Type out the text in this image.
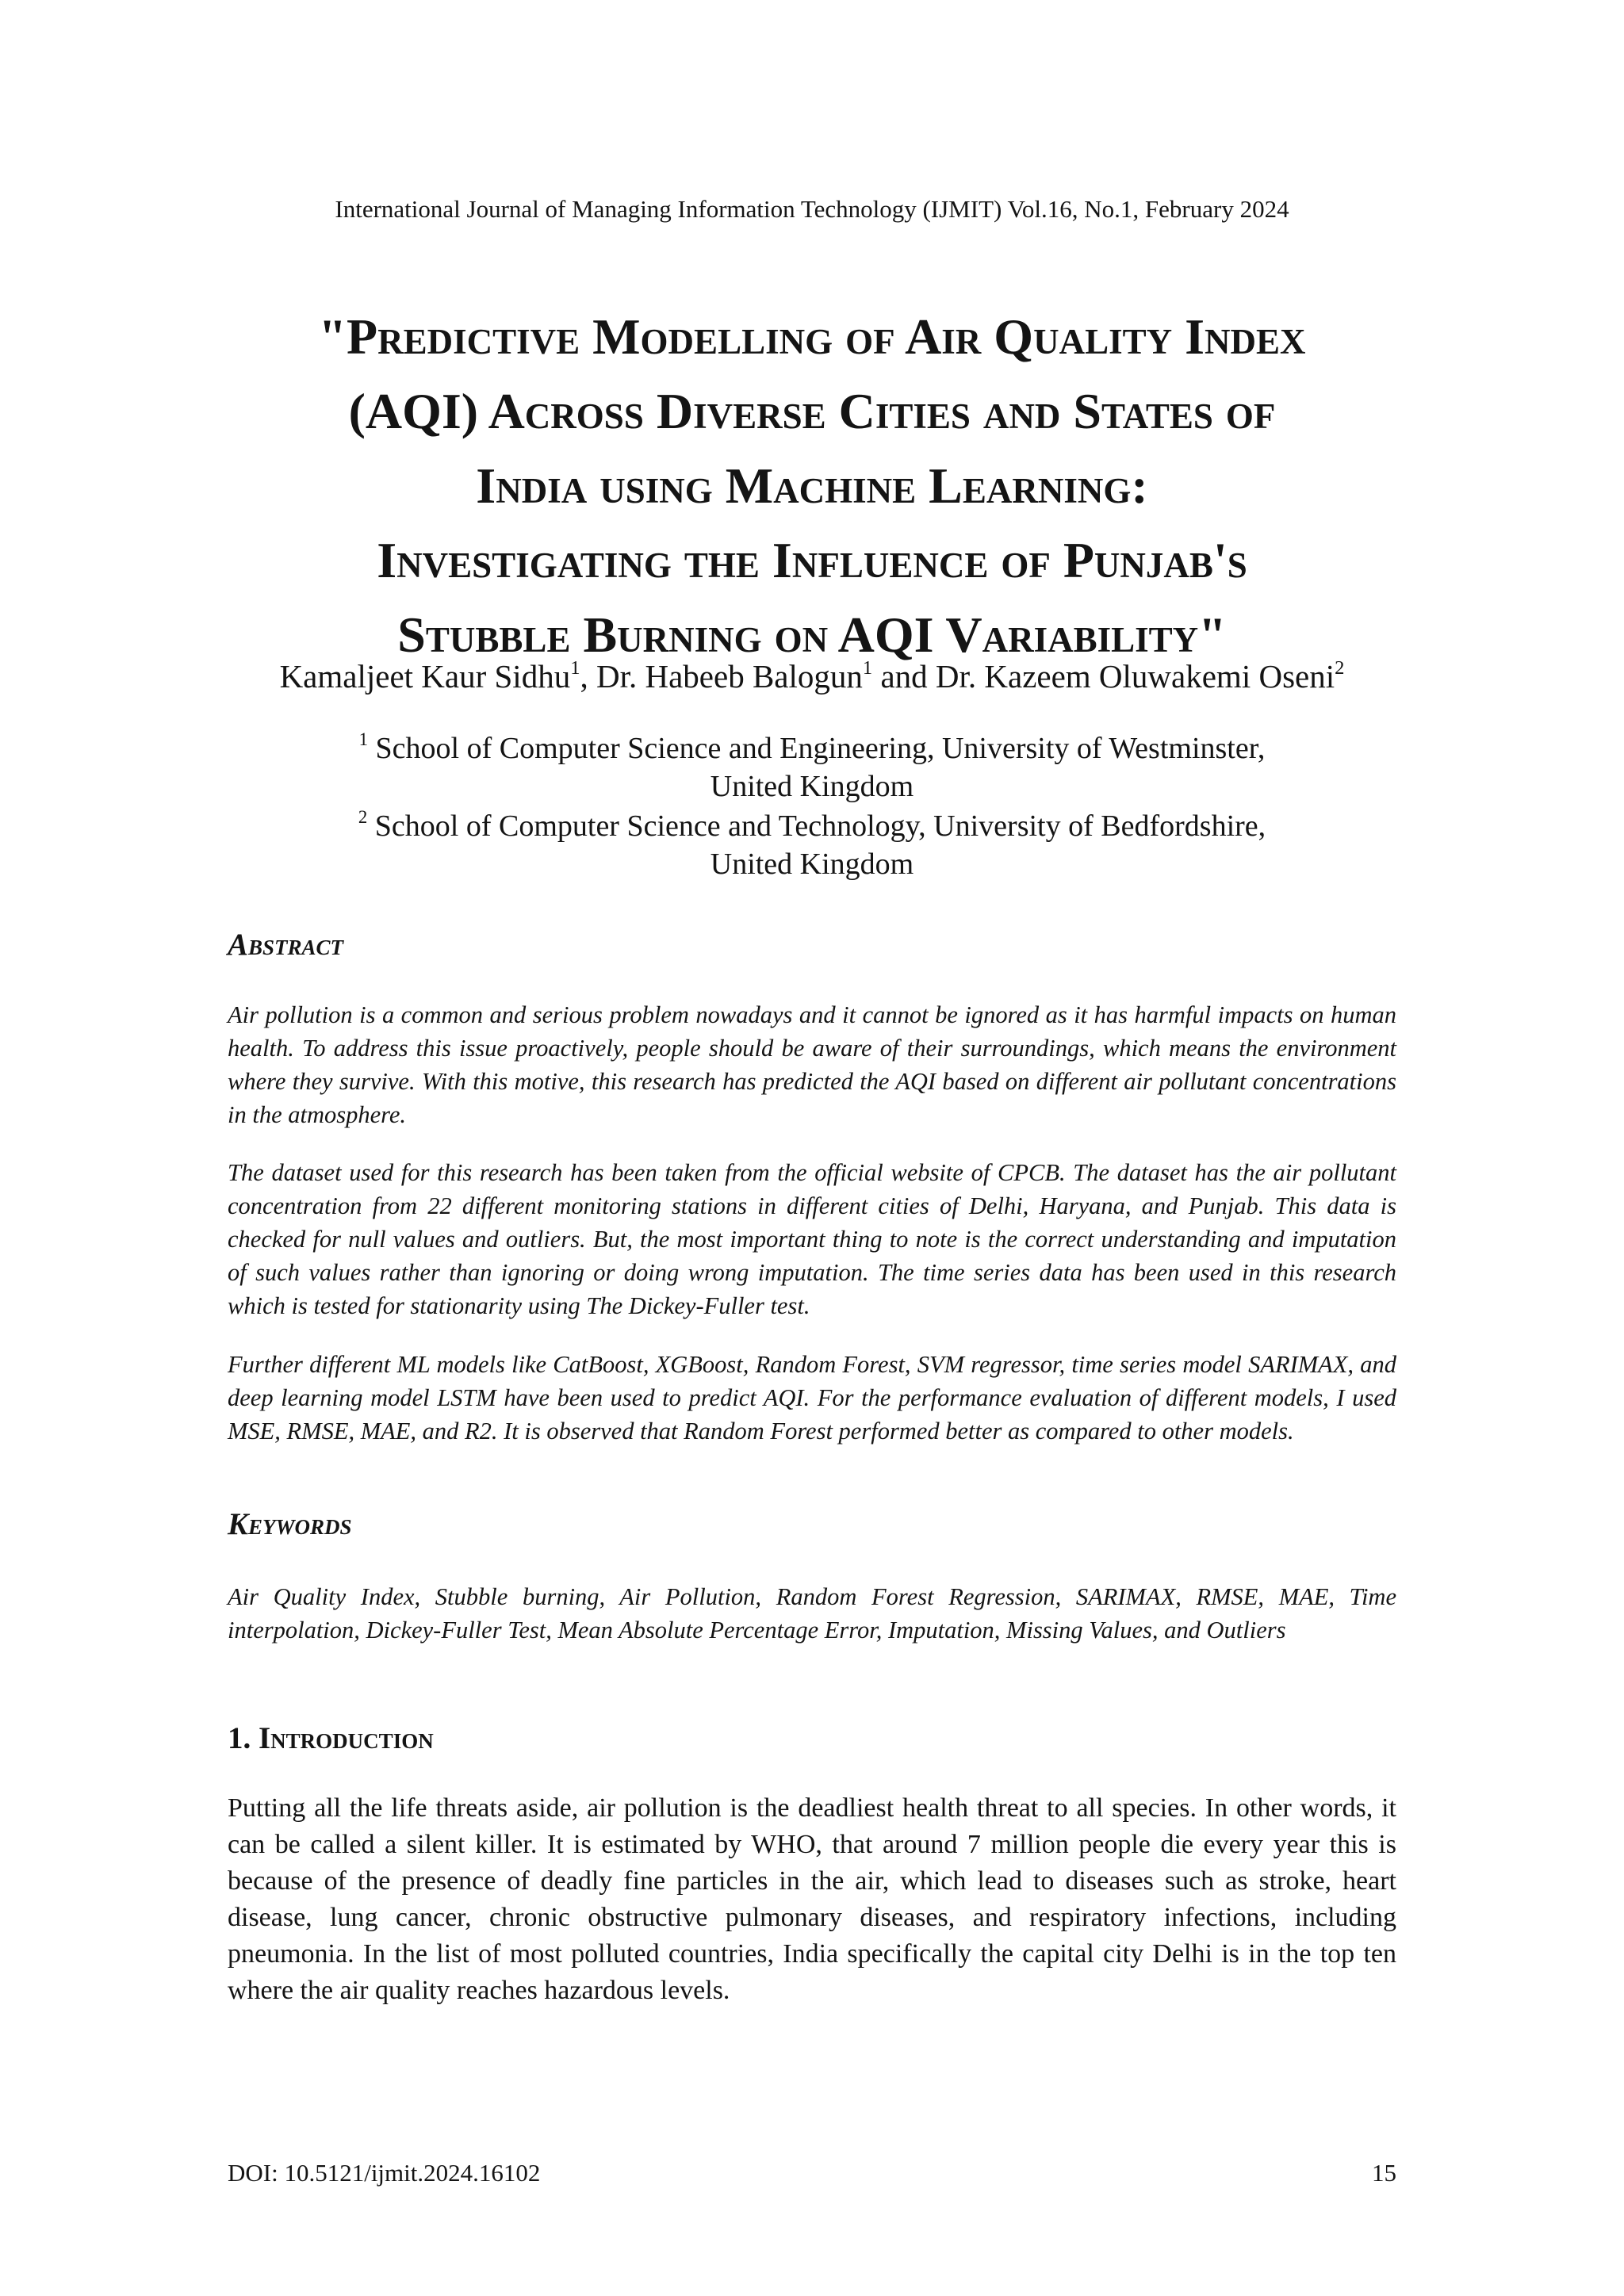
International Journal of Managing Information Technology (IJMIT) Vol.16, No.1, February 2024
"Predictive Modelling of Air Quality Index
(AQI) Across Diverse Cities and States of
India using Machine Learning:
Investigating the Influence of Punjab's
Stubble Burning on AQI Variability"
Kamaljeet Kaur Sidhu$^1$, Dr. Habeeb Balogun$^1$ and Dr. Kazeem Oluwakemi Oseni$^2$
$^1$ School of Computer Science and Engineering, University of Westminster,
United Kingdom
$^2$ School of Computer Science and Technology, University of Bedfordshire,
United Kingdom
Abstract

Air pollution is a common and serious problem nowadays and it cannot be ignored as it has harmful impacts on human health. To address this issue proactively, people should be aware of their surroundings, which means the environment where they survive. With this motive, this research has predicted the AQI based on different air pollutant concentrations in the atmosphere.

The dataset used for this research has been taken from the official website of CPCB. The dataset has the air pollutant concentration from 22 different monitoring stations in different cities of Delhi, Haryana, and Punjab. This data is checked for null values and outliers. But, the most important thing to note is the correct understanding and imputation of such values rather than ignoring or doing wrong imputation. The time series data has been used in this research which is tested for stationarity using The Dickey-Fuller test.

Further different ML models like CatBoost, XGBoost, Random Forest, SVM regressor, time series model SARIMAX, and deep learning model LSTM have been used to predict AQI. For the performance evaluation of different models, I used MSE, RMSE, MAE, and R2. It is observed that Random Forest performed better as compared to other models.

Keywords

Air Quality Index, Stubble burning, Air Pollution, Random Forest Regression, SARIMAX, RMSE, MAE, Time interpolation, Dickey-Fuller Test, Mean Absolute Percentage Error, Imputation, Missing Values, and Outliers

1. Introduction

Putting all the life threats aside, air pollution is the deadliest health threat to all species. In other words, it can be called a silent killer. It is estimated by WHO, that around 7 million people die every year this is because of the presence of deadly fine particles in the air, which lead to diseases such as stroke, heart disease, lung cancer, chronic obstructive pulmonary diseases, and respiratory infections, including pneumonia. In the list of most polluted countries, India specifically the capital city Delhi is in the top ten where the air quality reaches hazardous levels.

DOI: 10.5121/ijmit.2024.16102	15
